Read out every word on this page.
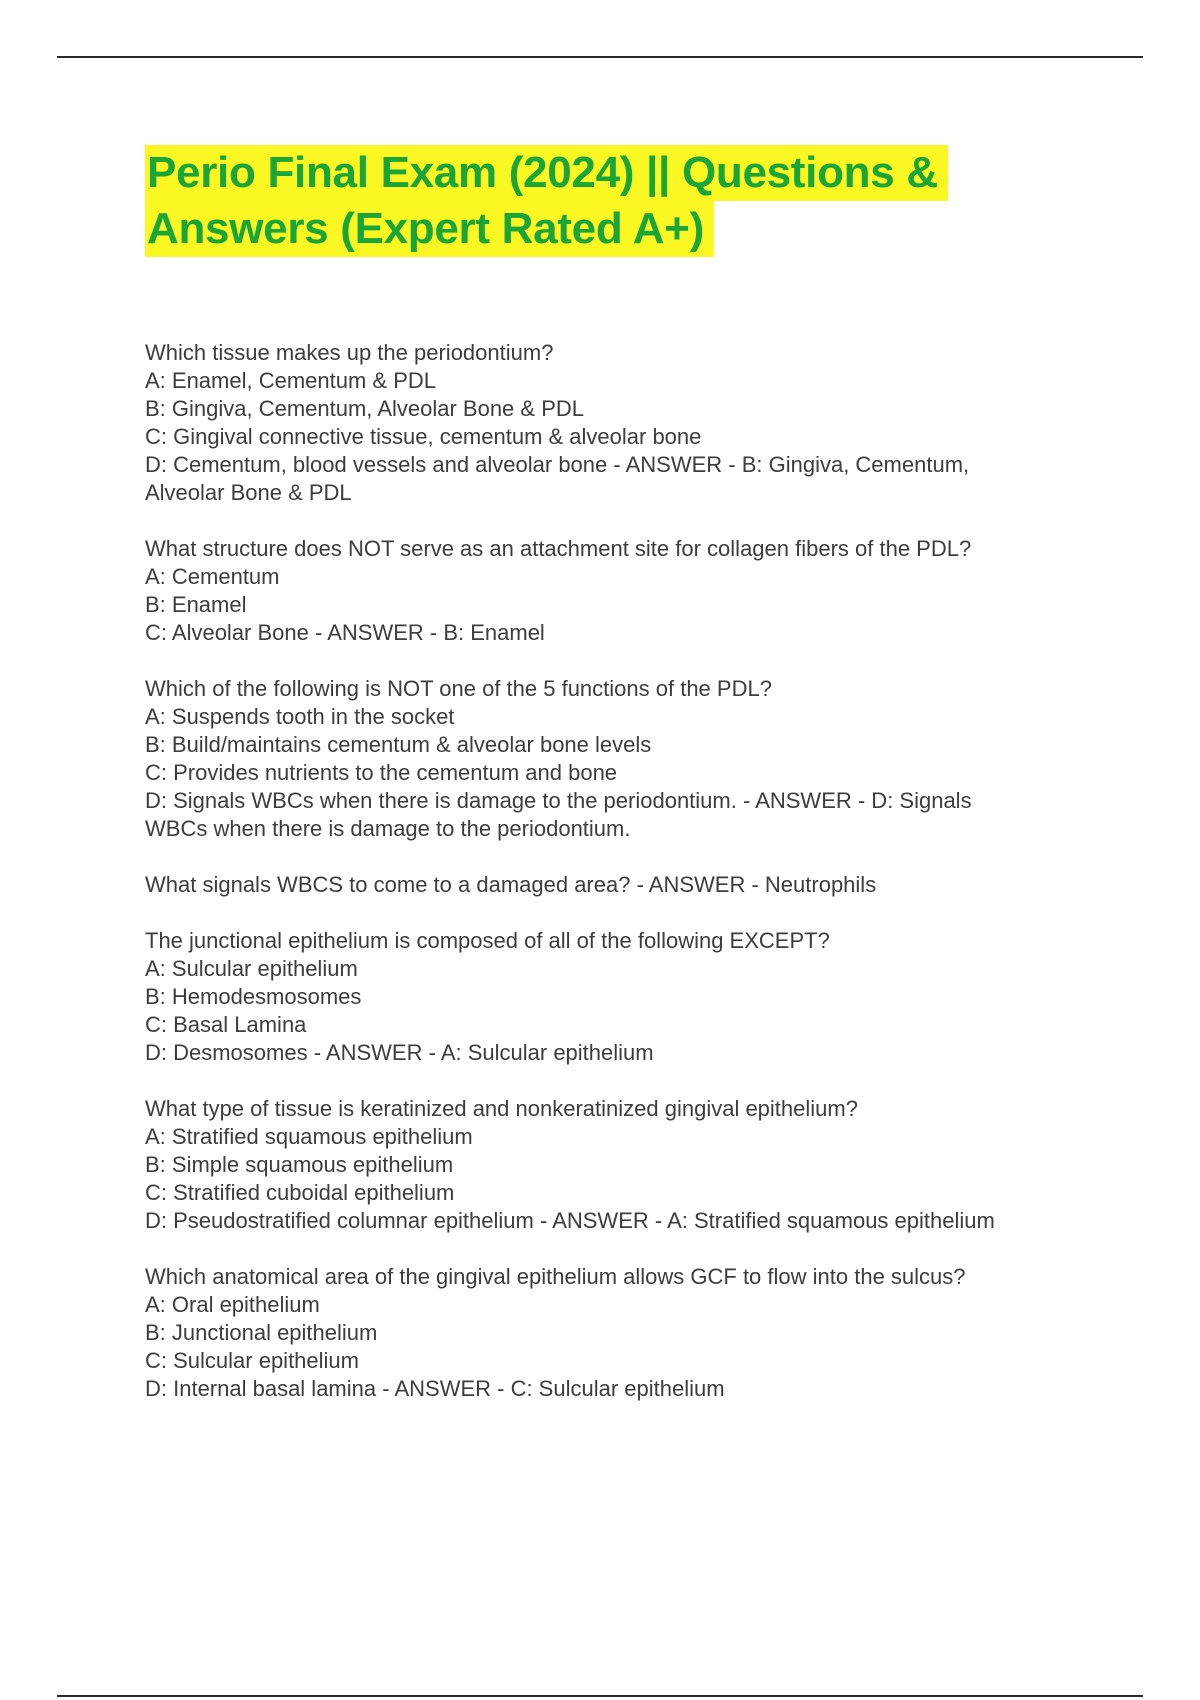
Perio Final Exam (2024) || Questions &
Answers (Expert Rated A+)
Which tissue makes up the periodontium?
A: Enamel, Cementum & PDL
B: Gingiva, Cementum, Alveolar Bone & PDL
C: Gingival connective tissue, cementum & alveolar bone
D: Cementum, blood vessels and alveolar bone - ANSWER - B: Gingiva, Cementum,
Alveolar Bone & PDL
What structure does NOT serve as an attachment site for collagen fibers of the PDL?
A: Cementum
B: Enamel
C: Alveolar Bone - ANSWER - B: Enamel
Which of the following is NOT one of the 5 functions of the PDL?
A: Suspends tooth in the socket
B: Build/maintains cementum & alveolar bone levels
C: Provides nutrients to the cementum and bone
D: Signals WBCs when there is damage to the periodontium. - ANSWER - D: Signals
WBCs when there is damage to the periodontium.
What signals WBCS to come to a damaged area? - ANSWER - Neutrophils
The junctional epithelium is composed of all of the following EXCEPT?
A: Sulcular epithelium
B: Hemodesmosomes
C: Basal Lamina
D: Desmosomes - ANSWER - A: Sulcular epithelium
What type of tissue is keratinized and nonkeratinized gingival epithelium?
A: Stratified squamous epithelium
B: Simple squamous epithelium
C: Stratified cuboidal epithelium
D: Pseudostratified columnar epithelium - ANSWER - A: Stratified squamous epithelium
Which anatomical area of the gingival epithelium allows GCF to flow into the sulcus?
A: Oral epithelium
B: Junctional epithelium
C: Sulcular epithelium
D: Internal basal lamina - ANSWER - C: Sulcular epithelium
